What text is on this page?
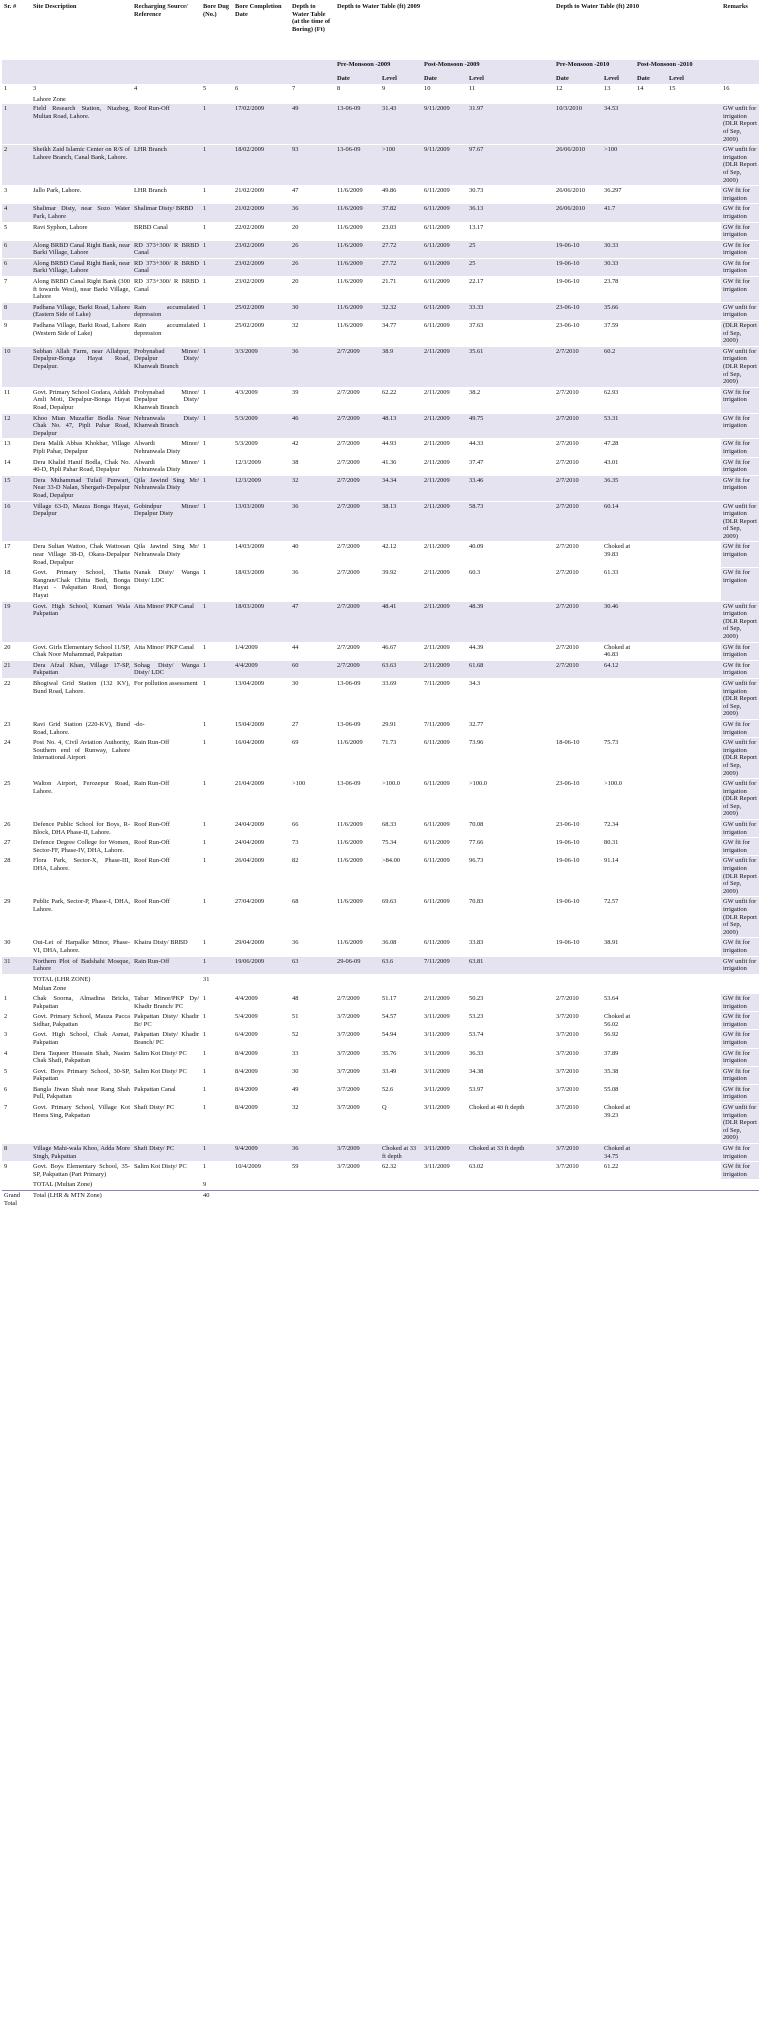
Sr. #	Site Description	Recharging Source/ Reference	Bore Dug (No.)	Bore Completion Date	Depth to Water Table (at the time of Boring) (Ft)	Depth to Water Table (ft) 2009				Depth to Water Table (ft) 2010				Remarks
						Pre-Monsoon -2009		Post-Monsoon -2009		Pre-Monsoon -2010		Post-Monsoon -2010		
						Date	Level	Date	Level	Date	Level	Date	Level	
1	3	4	5	6	7	8	9	10	11	12	13	14	15	16
	Lahore Zone													
1	Field Research Station, Niazbeg, Multan Road, Lahore.	Roof Run-Off	1	17/02/2009	49	13-06-09	31.43	9/11/2009	31.97	10/3/2010	34.53			GW unfit for irrigation (DLR Report of Sep, 2009)
2	Sheikh Zaid Islamic Center on R/S of Lahore Branch, Canal Bank, Lahore.	LHR Branch	1	18/02/2009	93	13-06-09	>100	9/11/2009	97.67	26/06/2010	>100			GW unfit for irrigation (DLR Report of Sep, 2009)
3	Jallo Park, Lahore.	LHR Branch	1	21/02/2009	47	11/6/2009	49.86	6/11/2009	30.73	26/06/2010	36.297			GW fit for irrigation
4	Shalimar Disty, near Sozo Water Park, Lahore	Shalimar Disty/ BRBD	1	21/02/2009	36	11/6/2009	37.82	6/11/2009	36.13	26/06/2010	41.7			GW fit for irrigation
5	Ravi Syphon, Lahore	BRBD Canal	1	22/02/2009	20	11/6/2009	23.03	6/11/2009	13.17					GW fit for irrigation
6	Along BRBD Canal Right Bank, near Barki Village, Lahore	RD 373+300/ R BRBD Canal	1	23/02/2009	26	11/6/2009	27.72	6/11/2009	25	19-06-10	30.33			GW fit for irrigation
6	Along BRBD Canal Right Bank, near Barki Village, Lahore	RD 373+300/ R BRBD Canal	1	23/02/2009	26	11/6/2009	27.72	6/11/2009	25	19-06-10	30.33			GW fit for irrigation
7	Along BRBD Canal Right Bank (300 ft towards West), near Barki Village, Lahore	RD 373+300/ R BRBD Canal	1	23/02/2009	20	11/6/2009	21.71	6/11/2009	22.17	19-06-10	23.78			GW fit for irrigation
8	Padhana Village, Barki Road, Lahore (Eastern Side of Lake)	Rain accumulated depression	1	25/02/2009	30	11/6/2009	32.32	6/11/2009	33.33	23-06-10	35.66			GW unfit for irrigation
9	Padhana Village, Barki Road, Lahore (Western Side of Lake)	Rain accumulated depression	1	25/02/2009	32	11/6/2009	34.77	6/11/2009	37.63	23-06-10	37.59			(DLR Report of Sep, 2009)
10	Subhan Allah Farm, near Allahpur, Depalpur-Bonga Hayat Road, Depalpur.	Probynabad Minor/ Depalpur Disty/ Khanwah Branch	1	3/3/2009	36	2/7/2009	38.9	2/11/2009	35.61	2/7/2010	60.2			GW unfit for irrigation (DLR Report of Sep, 2009)
11	Govt. Primary School Godara, Addah Amli Moti, Depalpur-Bonga Hayat Road, Depalpur	Probynabad Minor/ Depalpur Disty/ Khanwah Branch	1	4/3/2009	39	2/7/2009	62.22	2/11/2009	38.2	2/7/2010	62.93			GW fit for irrigation
12	Khoo Mian Muzaffar Bodla Near Chak No. 47, Pipli Pahar Road, Depalpur	Nehranwala Disty/ Khanwah Branch	1	5/3/2009	46	2/7/2009	48.13	2/11/2009	49.75	2/7/2010	53.31			GW fit for irrigation
13	Dera Malik Abbas Khokhar, Village Pipli Pahar, Depalpur	Alwardi Minor/ Nehranwala Disty	1	5/3/2009	42	2/7/2009	44.93	2/11/2009	44.33	2/7/2010	47.28			GW fit for irrigation
14	Dera Khalid Hanif Bodla, Chak No. 40-D, Pipli Pahar Road, Depalpur	Alwardi Minor/ Nehranwala Disty	1	12/3/2009	38	2/7/2009	41.36	2/11/2009	37.47	2/7/2010	43.01			GW fit for irrigation
15	Dera Muhammad Tufail Punwari, Near 33-D Nalan, Shergarh-Depalpur Road, Depalpur	Qila Jawind Sing Mr/ Nehranwala Disty	1	12/3/2009	32	2/7/2009	34.34	2/11/2009	33.46	2/7/2010	36.35			GW fit for irrigation
16	Village 63-D, Mauza Bonga Hayat, Depalpur	Gobindpur Minor/ Depalpur Disty	1	13/03/2009	36	2/7/2009	38.13	2/11/2009	58.73	2/7/2010	60.14			GW unfit for irrigation (DLR Report of Sep, 2009)
17	Dera Sultan Wattoo, Chak Wattooan near Village 38-D, Okara-Depalpur Road, Depalpur	Qila Jawind Sing Mr/ Nehranwala Disty	1	14/03/2009	40	2/7/2009	42.12	2/11/2009	40.09	2/7/2010	Choked at 39.83			GW fit for irrigation
18	Govt. Primary School, Thatta Rangran/Chak Chitta Bedi, Bonga Hayat - Pakpattan Road, Bonga Hayat	Nanak Disty/ Wanga Disty/ LDC	1	18/03/2009	36	2/7/2009	39.92	2/11/2009	60.3	2/7/2010	61.33			GW fit for irrigation
19	Govt. High School, Kumari Wala Pakpattan	Atta Minor/ PKP Canal	1	18/03/2009	47	2/7/2009	48.41	2/11/2009	48.39	2/7/2010	30.46			GW unfit for irrigation (DLR Report of Sep, 2009)
20	Govt. Girls Elementary School 11/SP, Chak Noor Muhammad, Pakpattan	Atta Minor/ PKP Canal	1	1/4/2009	44	2/7/2009	46.67	2/11/2009	44.39	2/7/2010	Choked at 46.83			GW fit for irrigation
21	Dera Afzal Khan, Village 17-SP, Pakpattan	Sohag Disty/ Wanga Disty/ LDC	1	4/4/2009	60	2/7/2009	63.63	2/11/2009	61.68	2/7/2010	64.12			GW fit for irrigation
22	Bhogiwal Grid Station (132 KV), Bund Road, Lahore.	For pollution assessment	1	13/04/2009	30	13-06-09	33.69	7/11/2009	34.3					GW unfit for irrigation (DLR Report of Sep, 2009)
23	Ravi Grid Station (220-KV), Bund Road, Lahore.	-do-	1	15/04/2009	27	13-06-09	29.91	7/11/2009	32.77					GW fit for irrigation
24	Post No. 4, Civil Aviation Authority, Southern end of Runway, Lahore International Airport	Rain Run-Off	1	16/04/2009	69	11/6/2009	71.73	6/11/2009	73.96	18-06-10	75.73			GW unfit for irrigation (DLR Report of Sep, 2009)
25	Walton Airport, Ferozepur Road, Lahore.	Rain Run-Off	1	21/04/2009	>100	13-06-09	>100.0	6/11/2009	>100.0	23-06-10	>100.0			GW unfit for irrigation (DLR Report of Sep, 2009)
26	Defence Public School for Boys, R-Block, DHA Phase-II, Lahore.	Roof Run-Off	1	24/04/2009	66	11/6/2009	68.33	6/11/2009	70.08	23-06-10	72.34			GW unfit for irrigation
27	Defence Degree College for Women, Sector-FF, Phase-IV, DHA, Lahore.	Roof Run-Off	1	24/04/2009	73	11/6/2009	75.34	6/11/2009	77.66	19-06-10	80.31			GW fit for irrigation
28	Flora Park, Sector-X, Phase-III, DHA, Lahore.	Roof Run-Off	1	26/04/2009	82	11/6/2009	>84.00	6/11/2009	96.73	19-06-10	91.14			GW unfit for irrigation (DLR Report of Sep, 2009)
29	Public Park, Sector-P, Phase-I, DHA, Lahore.	Roof Run-Off	1	27/04/2009	68	11/6/2009	69.63	6/11/2009	70.83	19-06-10	72.57			GW unfit for irrigation (DLR Report of Sep, 2009)
30	Out-Let of Harpalke Minor, Phase-VI, DHA, Lahore.	Khaira Disty/ BRBD	1	29/04/2009	36	11/6/2009	36.08	6/11/2009	33.83	19-06-10	38.91			GW fit for irrigation
31	Northern Plot of Badshahi Mosque, Lahore	Rain Run-Off	1	19/06/2009	63	29-06-09	63.6	7/11/2009	63.81					GW unfit for irrigation
	TOTAL (LHR ZONE)		31											
	Multan Zone													
1	Chak Soorna, Almadina Bricks, Pakpattan	Tabar Minor/PKP Dy/ Khadir Branch/ PC	1	4/4/2009	48	2/7/2009	51.17	2/11/2009	50.23	2/7/2010	53.64			GW fit for irrigation
2	Govt. Primary School, Mauza Pacca Sidhar, Pakpattan	Pakpattan Disty/ Khadir Br/ PC	1	5/4/2009	51	3/7/2009	54.57	3/11/2009	53.23	3/7/2010	Choked at 56.02			GW fit for irrigation
3	Govt. High School, Chak Asmat, Pakpattan	Pakpattan Disty/ Khadir Branch/ PC	1	6/4/2009	52	3/7/2009	54.94	3/11/2009	53.74	3/7/2010	56.92			GW fit for irrigation
4	Dera Taqueer Hussain Shah, Nasim Chak Shafi, Pakpattan	Salim Kot Disty/ PC	1	8/4/2009	33	3/7/2009	35.76	3/11/2009	36.33	3/7/2010	37.89			GW fit for irrigation
5	Govt. Boys Primary School, 30-SP, Pakpattan	Salim Kot Disty/ PC	1	8/4/2009	30	3/7/2009	33.49	3/11/2009	34.38	3/7/2010	35.38			GW fit for irrigation
6	Bangla Jiwan Shah near Rang Shah Pull, Pakpattan	Pakpattan Canal	1	8/4/2009	49	3/7/2009	52.6	3/11/2009	53.97	3/7/2010	55.08			GW fit for irrigation
7	Govt. Primary School, Village Kot Heera Sing, Pakpattan	Shafi Disty/ PC	1	8/4/2009	32	3/7/2009	Q	3/11/2009	Choked at 40 ft depth	3/7/2010	Choked at 39.23			GW unfit for irrigation (DLR Report of Sep, 2009)
8	Village Mahi-wala Khoo, Adda More Singh, Pakpattan	Shafi Disty/ PC	1	9/4/2009	36	3/7/2009	Choked at 33 ft depth	3/11/2009	Choked at 33 ft depth	3/7/2010	Choked at 34.75			GW fit for irrigation
9	Govt. Boys Elementary School, 35-SP, Pakpattan (Part Primary)	Salim Kot Disty/ PC	1	10/4/2009	59	3/7/2009	62.32	3/11/2009	63.02	3/7/2010	61.22			GW fit for irrigation
	TOTAL (Multan Zone)		9											
Grand Total	Total (LHR & MTN Zone)		40											
